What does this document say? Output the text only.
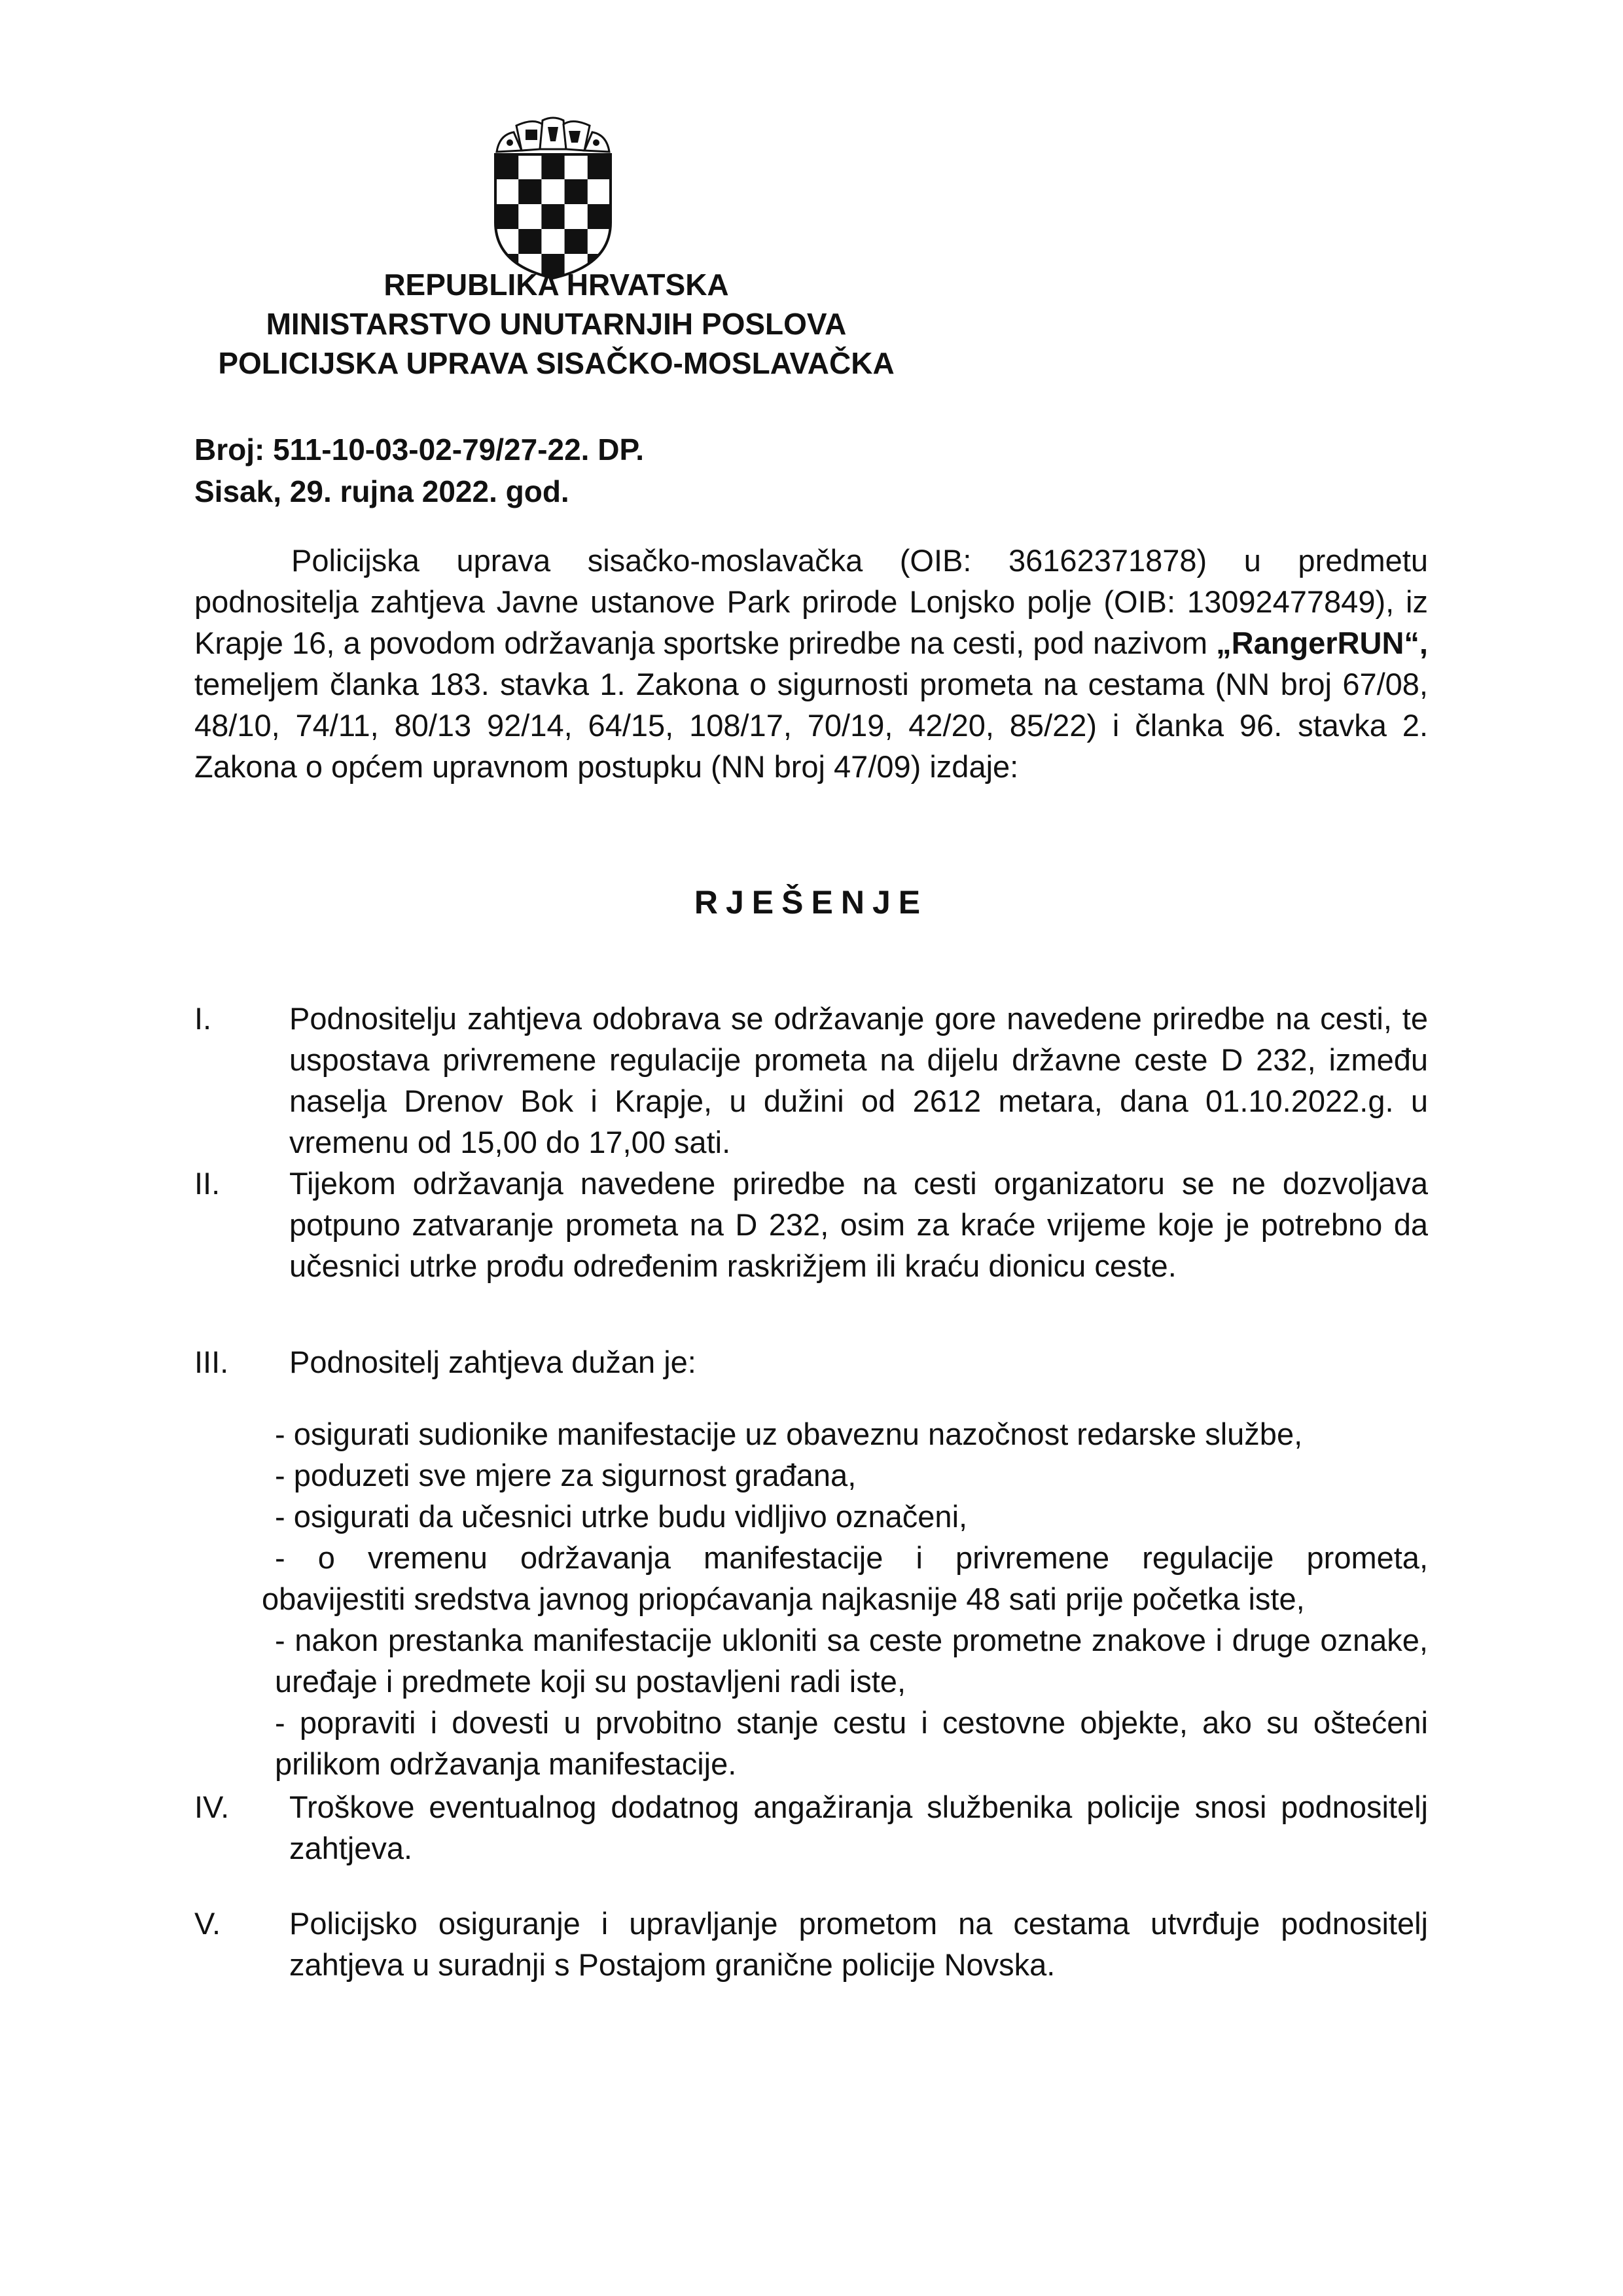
REPUBLIKA HRVATSKA
MINISTARSTVO UNUTARNJIH POSLOVA
POLICIJSKA UPRAVA SISAČKO-MOSLAVAČKA
Broj: 511-10-03-02-79/27-22. DP.
Sisak, 29. rujna 2022. god.
Policijska uprava sisačko-moslavačka (OIB: 36162371878) u predmetu podnositelja zahtjeva Javne ustanove Park prirode Lonjsko polje (OIB: 13092477849), iz Krapje 16, a povodom održavanja sportske priredbe na cesti, pod nazivom „RangerRUN“, temeljem članka 183. stavka 1. Zakona o sigurnosti prometa na cestama (NN broj 67/08, 48/10, 74/11, 80/13 92/14, 64/15, 108/17, 70/19, 42/20, 85/22) i članka 96. stavka 2. Zakona o općem upravnom postupku (NN broj 47/09) izdaje:
RJEŠENJE
I.	Podnositelju zahtjeva odobrava se održavanje gore navedene priredbe na cesti, te uspostava privremene regulacije prometa na dijelu državne ceste D 232, između naselja Drenov Bok i Krapje, u dužini od 2612 metara, dana 01.10.2022.g. u vremenu od 15,00 do 17,00 sati.
II. Tijekom održavanja navedene priredbe na cesti organizatoru se ne dozvoljava potpuno zatvaranje prometa na D 232, osim za kraće vrijeme koje je potrebno da učesnici utrke prođu određenim raskrižjem ili kraću dionicu ceste.
III. Podnositelj zahtjeva dužan je:
- osigurati sudionike manifestacije uz obaveznu nazočnost redarske službe,
- poduzeti sve mjere za sigurnost građana,
- osigurati da učesnici utrke budu vidljivo označeni,
- o vremenu održavanja manifestacije i privremene regulacije prometa,
obavijestiti sredstva javnog priopćavanja najkasnije 48 sati prije početka iste,
- nakon prestanka manifestacije ukloniti sa ceste prometne znakove i druge oznake, uređaje i predmete koji su postavljeni radi iste,
- popraviti i dovesti u prvobitno stanje cestu i cestovne objekte, ako su oštećeni prilikom održavanja manifestacije.
IV. Troškove eventualnog dodatnog angažiranja službenika policije snosi podnositelj zahtjeva.
V. Policijsko osiguranje i upravljanje prometom na cestama utvrđuje podnositelj zahtjeva u suradnji s Postajom granične policije Novska.
